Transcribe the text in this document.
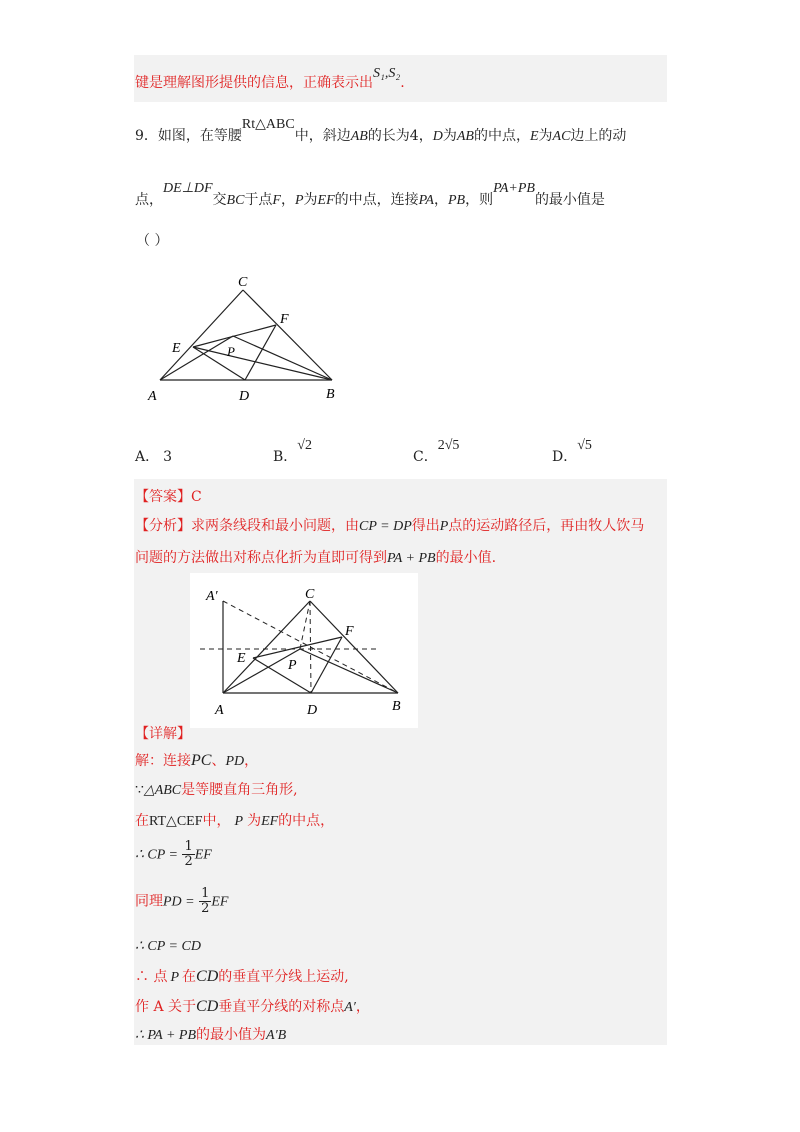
键是理解图形提供的信息，正确表示出S₁,S₂.
9．如图，在等腰Rt△ABC中，斜边AB的长为4，D为AB的中点，E为AC边上的动
点，DE⊥DF交BC于点F，P为EF的中点，连接PA，PB，则PA+PB的最小值是
（ ）
C
F
E	P
A	D	B
A． 3	B．√2
C．2√5
D．√5
【答案】C
【分析】求两条线段和最小问题，由CP = DP得出P点的运动路径后，再由牧人饮马
问题的方法做出对称点化折为直即可得到PA + PB的最小值.
A′	C
F
E	P
A	D	B
【详解】
解：连接PC、PD，
∵△ABC是等腰直角三角形,
在RT△CEF中， P 为EF的中点，
∴ CP = $\frac{1}{2}$ EF
同理PD = $\frac{1}{2}$ EF
∴ CP = CD
∴ 点 P 在CD的垂直平分线上运动,
作 A 关于CD垂直平分线的对称点A′，
∴ PA + PB的最小值为A′B
